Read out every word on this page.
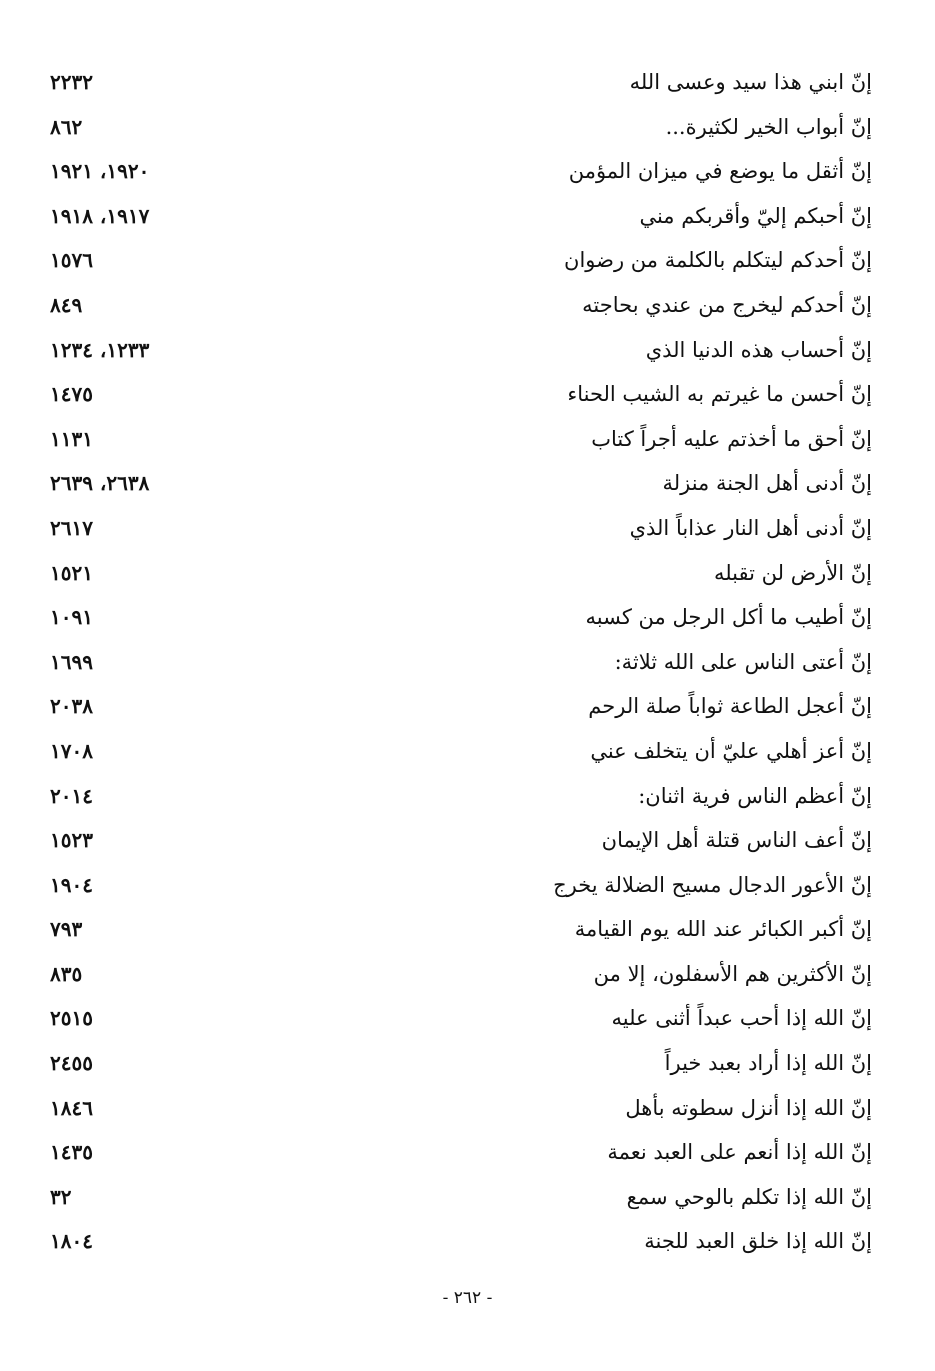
إنّ ابني هذا سيد وعسى الله
٢٢٣٢
إنّ أبواب الخير لكثيرة...
٨٦٢
إنّ أثقل ما يوضع في ميزان المؤمن
١٩٢٠، ١٩٢١
إنّ أحبكم إليّ وأقربكم مني
١٩١٧، ١٩١٨
إنّ أحدكم ليتكلم بالكلمة من رضوان
١٥٧٦
إنّ أحدكم ليخرج من عندي بحاجته
٨٤٩
إنّ أحساب هذه الدنيا الذي
١٢٣٣، ١٢٣٤
إنّ أحسن ما غيرتم به الشيب الحناء
١٤٧٥
إنّ أحق ما أخذتم عليه أجراً كتاب
١١٣١
إنّ أدنى أهل الجنة منزلة
٢٦٣٨، ٢٦٣٩
إنّ أدنى أهل النار عذاباً الذي
٢٦١٧
إنّ الأرض لن تقبله
١٥٢١
إنّ أطيب ما أكل الرجل من كسبه
١٠٩١
إنّ أعتى الناس على الله ثلاثة:
١٦٩٩
إنّ أعجل الطاعة ثواباً صلة الرحم
٢٠٣٨
إنّ أعز أهلي عليّ أن يتخلف عني
١٧٠٨
إنّ أعظم الناس فرية اثنان:
٢٠١٤
إنّ أعف الناس قتلة أهل الإيمان
١٥٢٣
إنّ الأعور الدجال مسيح الضلالة يخرج
١٩٠٤
إنّ أكبر الكبائر عند الله يوم القيامة
٧٩٣
إنّ الأكثرين هم الأسفلون، إلا من
٨٣٥
إنّ الله إذا أحب عبداً أثنى عليه
٢٥١٥
إنّ الله إذا أراد بعبد خيراً
٢٤٥٥
إنّ الله إذا أنزل سطوته بأهل
١٨٤٦
إنّ الله إذا أنعم على العبد نعمة
١٤٣٥
إنّ الله إذا تكلم بالوحي سمع
٣٢
إنّ الله إذا خلق العبد للجنة
١٨٠٤
- ٢٦٢ -
